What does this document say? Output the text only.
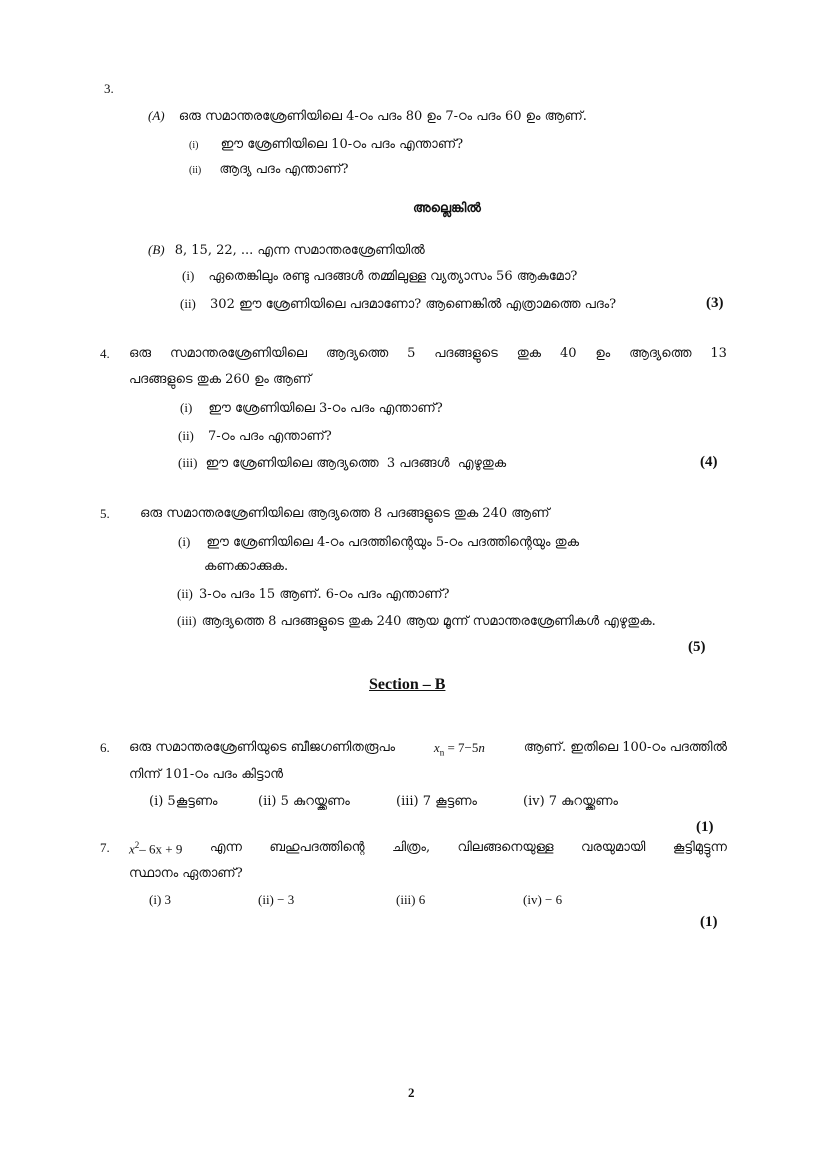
3.
(A) ഒരു സമാന്തരശ്രേണിയിലെ 4-ഠം പദം 80 ഉം 7-ഠം പദം 60 ഉം ആണ്.
(i) ഈ ശ്രേണിയിലെ 10-ഠം പദം എന്താണ്?
(ii) ആദ്യ പദം എന്താണ്?
അല്ലെങ്കിൽ
(B) 8, 15, 22, ... എന്ന സമാന്തരശ്രേണിയിൽ
(i) ഏതെങ്കിലും രണ്ടു പദങ്ങൾ തമ്മിലുള്ള വ്യത്യാസം 56 ആകുമോ?
(ii) 302 ഈ ശ്രേണിയിലെ പദമാണോ? ആണെങ്കിൽ എത്രാമത്തെ പദം?	(3)
4. ഒരു സമാന്തരശ്രേണിയിലെ ആദ്യത്തെ 5 പദങ്ങളുടെ തുക 40 ഉം ആദ്യത്തെ 13
പദങ്ങളുടെ തുക 260 ഉം ആണ്
(i) ഈ ശ്രേണിയിലെ 3-ഠം പദം എന്താണ്?
(ii) 7-ഠം പദം എന്താണ്?
(iii) ഈ ശ്രേണിയിലെ ആദ്യത്തെ  3 പദങ്ങൾ  എഴുതുക	(4)
5. ഒരു സമാന്തരശ്രേണിയിലെ ആദ്യത്തെ 8 പദങ്ങളുടെ തുക 240 ആണ്
(i) ഈ ശ്രേണിയിലെ 4-ഠം പദത്തിന്റെയും 5-ഠം പദത്തിന്റെയും തുക
കണക്കാക്കുക.
(ii) 3-ഠം പദം 15 ആണ്. 6-ഠം പദം എന്താണ്?
(iii) ആദ്യത്തെ 8 പദങ്ങളുടെ തുക 240 ആയ മൂന്ന് സമാന്തരശ്രേണികൾ എഴുതുക.
(5)
Section – B
6. ഒരു സമാന്തരശ്രേണിയുടെ ബീജഗണിതരൂപം	$x_n = 7-5n$	ആണ്. ഇതിലെ 100-ഠം പദത്തിൽ
നിന്ന് 101-ഠം പദം കിട്ടാൻ
(i) 5കൂട്ടണം	(ii) 5 കുറയ്ക്കണം	(iii) 7 കൂട്ടണം	(iv) 7 കുറയ്ക്കണം
(1)
7. $x^2-$ 6x + 9 എന്ന ബഹുപദത്തിന്റെ ചിത്രം, വിലങ്ങനെയുള്ള വരയുമായി കൂട്ടിമുട്ടുന്ന
സ്ഥാനം ഏതാണ്?
(i) 3	(ii) − 3	(iii) 6	(iv) − 6
(1)
2
